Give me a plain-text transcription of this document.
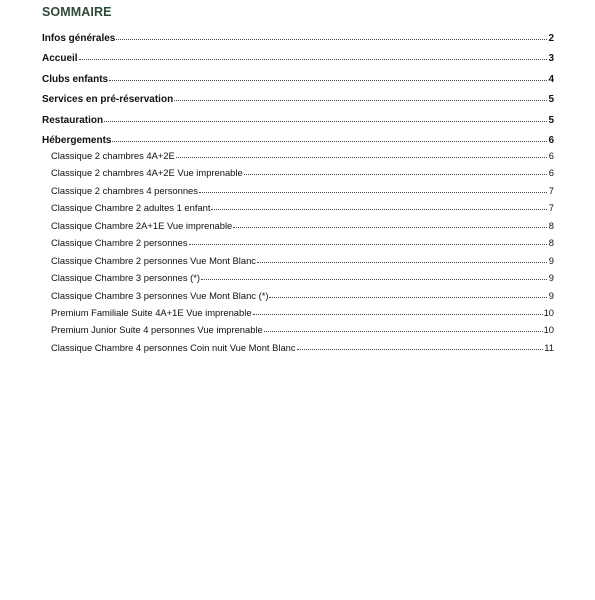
SOMMAIRE
Infos générales	2
Accueil	3
Clubs enfants	4
Services en pré-réservation	5
Restauration	5
Hébergements	6
Classique 2 chambres 4A+2E	6
Classique 2 chambres 4A+2E Vue imprenable	6
Classique 2 chambres 4 personnes	7
Classique Chambre 2 adultes 1 enfant	7
Classique Chambre 2A+1E Vue imprenable	8
Classique Chambre 2 personnes	8
Classique Chambre 2 personnes Vue Mont Blanc	9
Classique Chambre 3 personnes (*)	9
Classique Chambre 3 personnes Vue Mont Blanc (*)	9
Premium Familiale Suite 4A+1E Vue imprenable	10
Premium Junior Suite 4 personnes Vue imprenable	10
Classique Chambre 4 personnes Coin nuit Vue Mont Blanc	11
